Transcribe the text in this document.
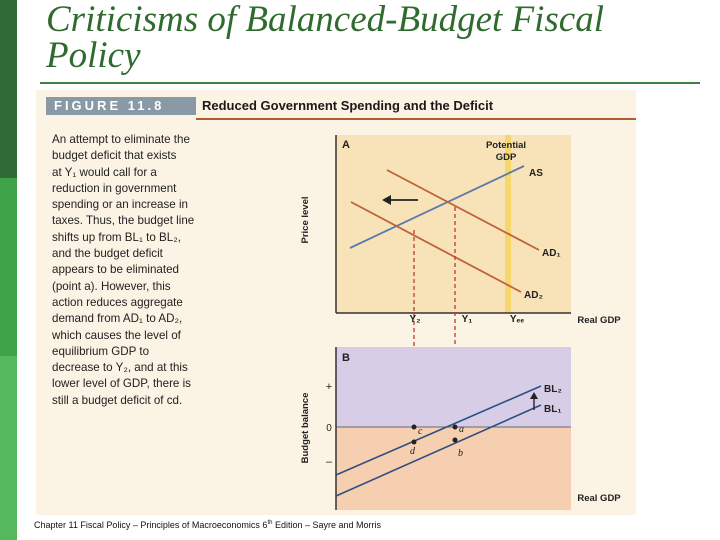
Criticisms of Balanced-Budget Fiscal Policy
FIGURE 11.8	Reduced Government Spending and the Deficit

An attempt to eliminate the
budget deficit that exists
at Y₁ would call for a
reduction in government
spending or an increase in
taxes. Thus, the budget line
shifts up from BL₁ to BL₂,
and the budget deficit
appears to be eliminated
(point a). However, this
action reduces aggregate
demand from AD₁ to AD₂,
which causes the level of
equilibrium GDP to
decrease to Y₂, and at this
lower level of GDP, there is
still a budget deficit of cd.

A	Potential
GDP
Price level
AS
AD₁
AD₂
Y₂	Y₁	Yₑₑ	Real GDP
B
+
0
–
Budget balance
BL₂
BL₁
c
d
a
b
Real GDP
Chapter 11 Fiscal Policy – Principles of Macroeconomics 6th Edition – Sayre and Morris
